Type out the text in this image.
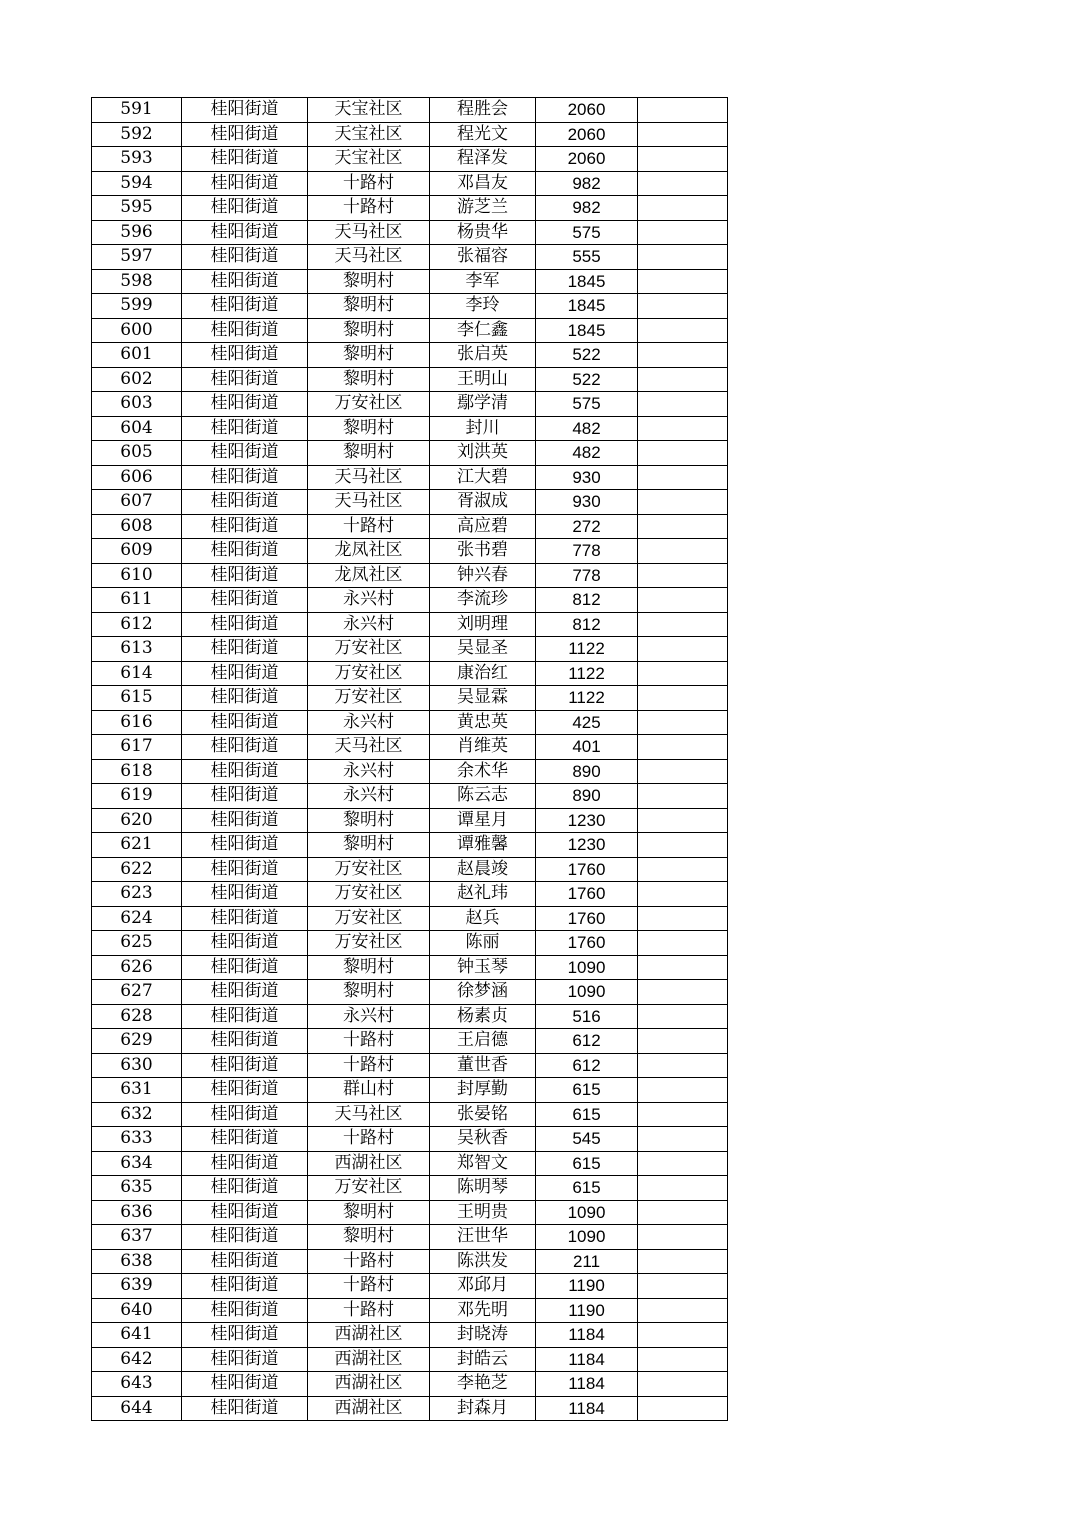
591	桂阳街道	天宝社区	程胜会	2060	
592	桂阳街道	天宝社区	程光文	2060	
593	桂阳街道	天宝社区	程泽发	2060	
594	桂阳街道	十路村	邓昌友	982	
595	桂阳街道	十路村	游芝兰	982	
596	桂阳街道	天马社区	杨贵华	575	
597	桂阳街道	天马社区	张福容	555	
598	桂阳街道	黎明村	李军	1845	
599	桂阳街道	黎明村	李玲	1845	
600	桂阳街道	黎明村	李仁鑫	1845	
601	桂阳街道	黎明村	张启英	522	
602	桂阳街道	黎明村	王明山	522	
603	桂阳街道	万安社区	鄢学清	575	
604	桂阳街道	黎明村	封川	482	
605	桂阳街道	黎明村	刘洪英	482	
606	桂阳街道	天马社区	江大碧	930	
607	桂阳街道	天马社区	胥淑成	930	
608	桂阳街道	十路村	高应碧	272	
609	桂阳街道	龙凤社区	张书碧	778	
610	桂阳街道	龙凤社区	钟兴春	778	
611	桂阳街道	永兴村	李流珍	812	
612	桂阳街道	永兴村	刘明理	812	
613	桂阳街道	万安社区	吴显圣	1122	
614	桂阳街道	万安社区	康治红	1122	
615	桂阳街道	万安社区	吴显霖	1122	
616	桂阳街道	永兴村	黄忠英	425	
617	桂阳街道	天马社区	肖维英	401	
618	桂阳街道	永兴村	余术华	890	
619	桂阳街道	永兴村	陈云志	890	
620	桂阳街道	黎明村	谭星月	1230	
621	桂阳街道	黎明村	谭雅馨	1230	
622	桂阳街道	万安社区	赵晨竣	1760	
623	桂阳街道	万安社区	赵礼玮	1760	
624	桂阳街道	万安社区	赵兵	1760	
625	桂阳街道	万安社区	陈丽	1760	
626	桂阳街道	黎明村	钟玉琴	1090	
627	桂阳街道	黎明村	徐梦涵	1090	
628	桂阳街道	永兴村	杨素贞	516	
629	桂阳街道	十路村	王启德	612	
630	桂阳街道	十路村	董世香	612	
631	桂阳街道	群山村	封厚勤	615	
632	桂阳街道	天马社区	张晏铭	615	
633	桂阳街道	十路村	吴秋香	545	
634	桂阳街道	西湖社区	郑智文	615	
635	桂阳街道	万安社区	陈明琴	615	
636	桂阳街道	黎明村	王明贵	1090	
637	桂阳街道	黎明村	汪世华	1090	
638	桂阳街道	十路村	陈洪发	211	
639	桂阳街道	十路村	邓邱月	1190	
640	桂阳街道	十路村	邓先明	1190	
641	桂阳街道	西湖社区	封晓涛	1184	
642	桂阳街道	西湖社区	封皓云	1184	
643	桂阳街道	西湖社区	李艳芝	1184	
644	桂阳街道	西湖社区	封森月	1184	
